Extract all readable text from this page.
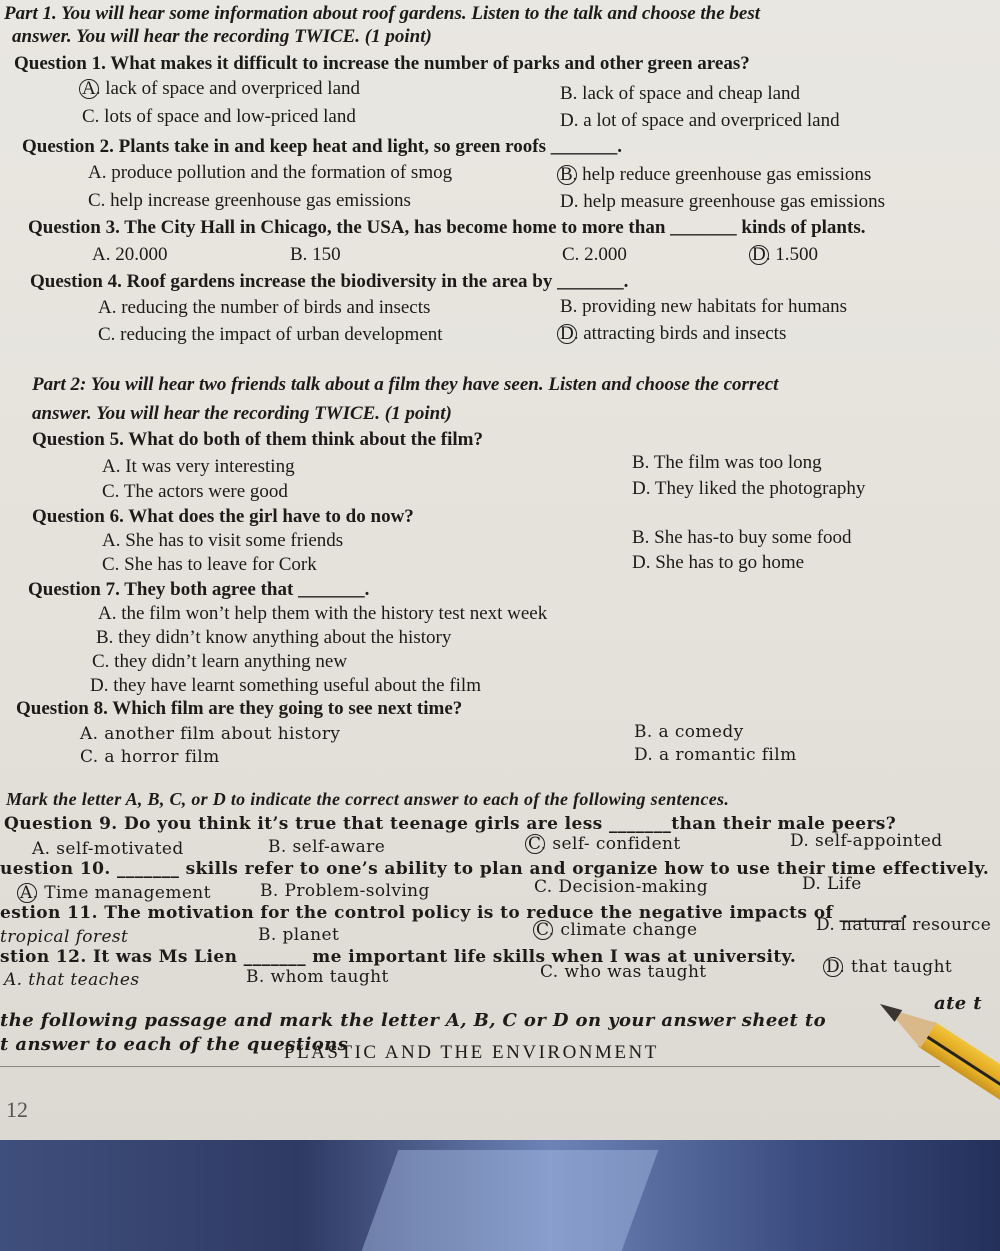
Part 1. You will hear some information about roof gardens. Listen to the talk and choose the best
answer. You will hear the recording TWICE. (1 point)
Question 1. What makes it difficult to increase the number of parks and other green areas?
A. lack of space and overpriced land	B. lack of space and cheap land
C. lots of space and low-priced land	D. a lot of space and overpriced land
Question 2. Plants take in and keep heat and light, so green roofs _______.
A. produce pollution and the formation of smog	B. help reduce greenhouse gas emissions
C. help increase greenhouse gas emissions	D. help measure greenhouse gas emissions
Question 3. The City Hall in Chicago, the USA, has become home to more than _______ kinds of plants.
A. 20.000	B. 150	C. 2.000	D. 1.500
Question 4. Roof gardens increase the biodiversity in the area by _______.
A. reducing the number of birds and insects	B. providing new habitats for humans
C. reducing the impact of urban development	D. attracting birds and insects
Part 2: You will hear two friends talk about a film they have seen. Listen and choose the correct
answer. You will hear the recording TWICE. (1 point)
Question 5. What do both of them think about the film?
A. It was very interesting	B. The film was too long
C. The actors were good	D. They liked the photography
Question 6. What does the girl have to do now?
A. She has to visit some friends	B. She has-to buy some food
C. She has to leave for Cork	D. She has to go home
Question 7. They both agree that _______.
A. the film won’t help them with the history test next week
B. they didn’t know anything about the history
C. they didn’t learn anything new
D. they have learnt something useful about the film
Question 8. Which film are they going to see next time?
A. another film about history	B. a comedy
C. a horror film	D. a romantic film
Mark the letter A, B, C, or D to indicate the correct answer to each of the following sentences.
Question 9. Do you think it’s true that teenage girls are less _______than their male peers?
A. self-motivated	B. self-aware	C. self- confident	D. self-appointed
uestion 10. _______ skills refer to one’s ability to plan and organize how to use their time effectively.
A. Time management	B. Problem-solving	C. Decision-making	D. Life
estion 11. The motivation for the control policy is to reduce the negative impacts of _______.
tropical forest	B. planet	C. climate change	D. natural resource
stion 12. It was Ms Lien _______ me important life skills when I was at university.
A. that teaches	B. whom taught	C. who was taught	D. that taught
the following passage and mark the letter A, B, C or D on your answer sheet to
ate t
t answer to each of the questions
PLASTIC AND THE ENVIRONMENT
12
